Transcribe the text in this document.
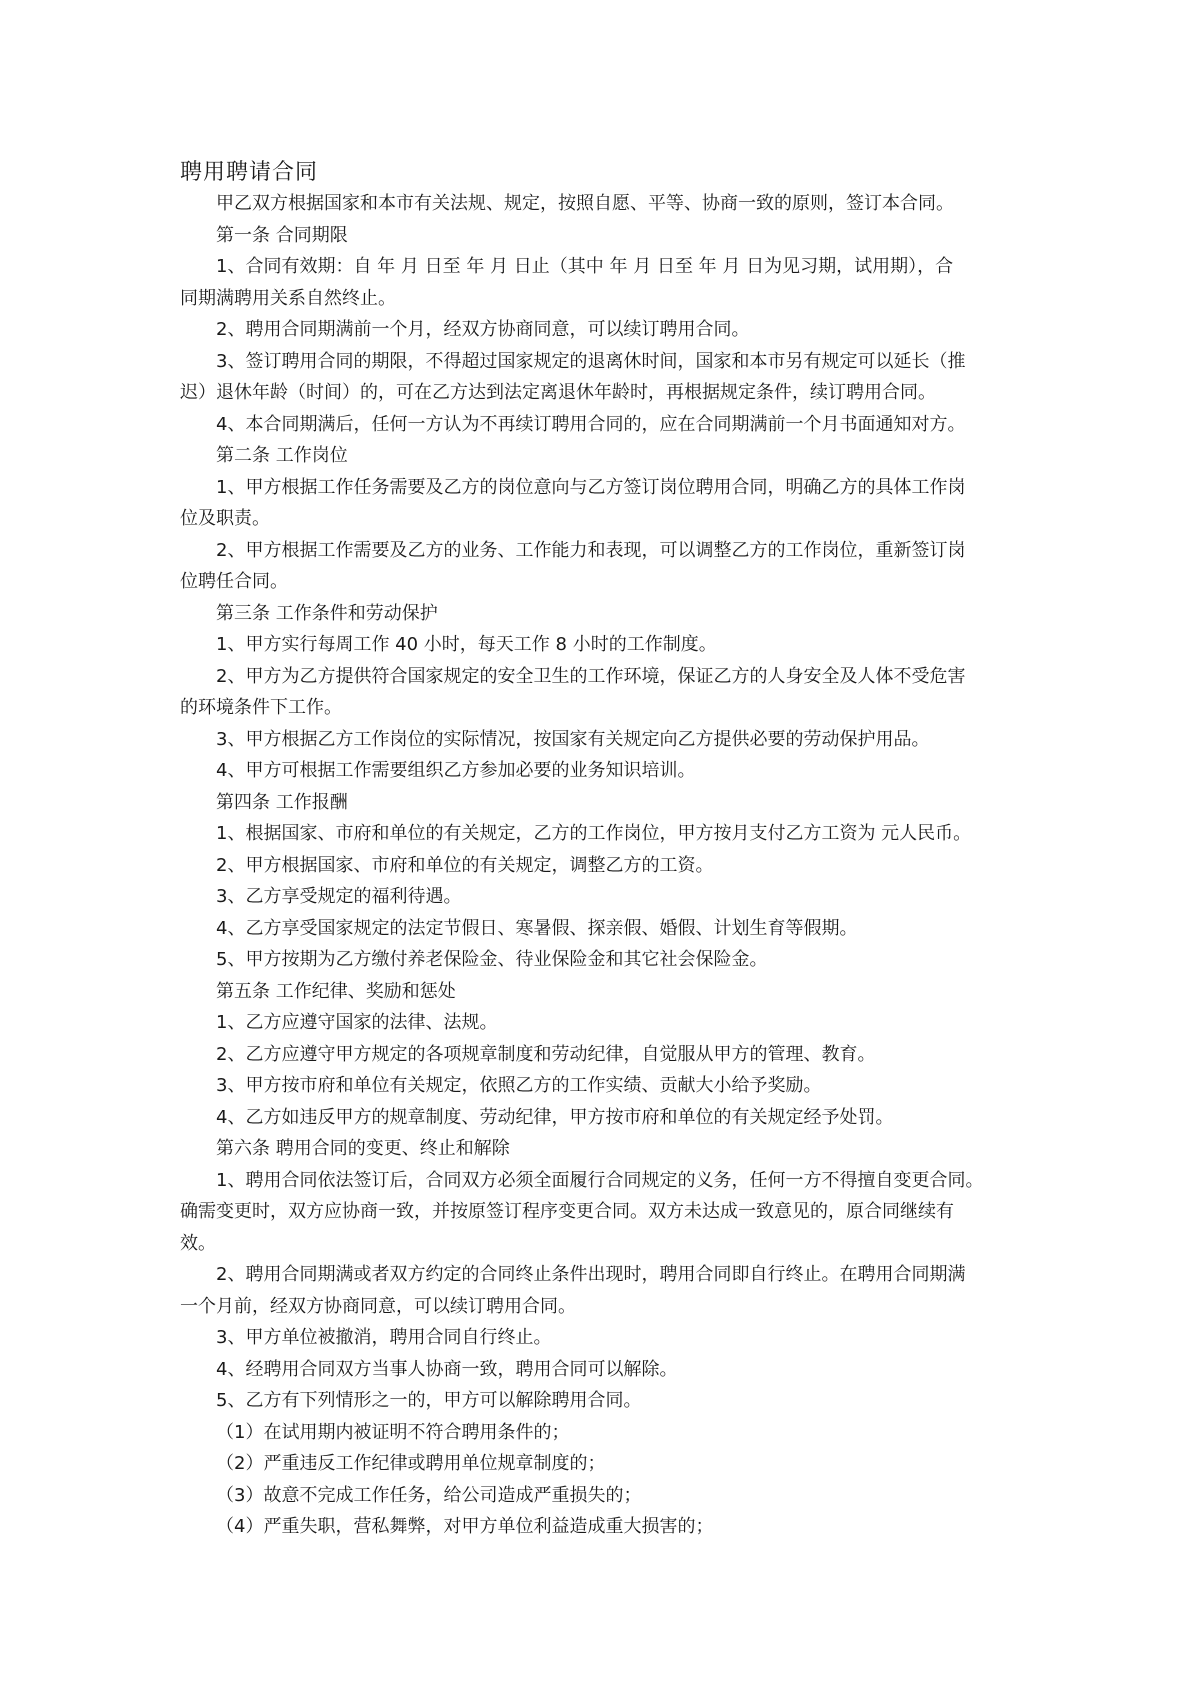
聘用聘请合同

甲乙双方根据国家和本市有关法规、规定，按照自愿、平等、协商一致的原则，签订本合同。

第一条 合同期限

1、合同有效期：自 年 月 日至 年 月 日止（其中 年 月 日至 年 月 日为见习期，试用期），合
同期满聘用关系自然终止。

2、聘用合同期满前一个月，经双方协商同意，可以续订聘用合同。

3、签订聘用合同的期限，不得超过国家规定的退离休时间，国家和本市另有规定可以延长（推
迟）退休年龄（时间）的，可在乙方达到法定离退休年龄时，再根据规定条件，续订聘用合同。

4、本合同期满后，任何一方认为不再续订聘用合同的，应在合同期满前一个月书面通知对方。

第二条 工作岗位

1、甲方根据工作任务需要及乙方的岗位意向与乙方签订岗位聘用合同，明确乙方的具体工作岗
位及职责。

2、甲方根据工作需要及乙方的业务、工作能力和表现，可以调整乙方的工作岗位，重新签订岗
位聘任合同。

第三条 工作条件和劳动保护

1、甲方实行每周工作 40 小时，每天工作 8 小时的工作制度。

2、甲方为乙方提供符合国家规定的安全卫生的工作环境，保证乙方的人身安全及人体不受危害
的环境条件下工作。

3、甲方根据乙方工作岗位的实际情况，按国家有关规定向乙方提供必要的劳动保护用品。

4、甲方可根据工作需要组织乙方参加必要的业务知识培训。

第四条 工作报酬

1、根据国家、市府和单位的有关规定，乙方的工作岗位，甲方按月支付乙方工资为 元人民币。

2、甲方根据国家、市府和单位的有关规定，调整乙方的工资。

3、乙方享受规定的福利待遇。

4、乙方享受国家规定的法定节假日、寒暑假、探亲假、婚假、计划生育等假期。

5、甲方按期为乙方缴付养老保险金、待业保险金和其它社会保险金。

第五条 工作纪律、奖励和惩处

1、乙方应遵守国家的法律、法规。

2、乙方应遵守甲方规定的各项规章制度和劳动纪律，自觉服从甲方的管理、教育。

3、甲方按市府和单位有关规定，依照乙方的工作实绩、贡献大小给予奖励。

4、乙方如违反甲方的规章制度、劳动纪律，甲方按市府和单位的有关规定经予处罚。

第六条 聘用合同的变更、终止和解除

1、聘用合同依法签订后，合同双方必须全面履行合同规定的义务，任何一方不得擅自变更合同。
确需变更时，双方应协商一致，并按原签订程序变更合同。双方未达成一致意见的，原合同继续有
效。

2、聘用合同期满或者双方约定的合同终止条件出现时，聘用合同即自行终止。在聘用合同期满
一个月前，经双方协商同意，可以续订聘用合同。

3、甲方单位被撤消，聘用合同自行终止。

4、经聘用合同双方当事人协商一致，聘用合同可以解除。

5、乙方有下列情形之一的，甲方可以解除聘用合同。

（1）在试用期内被证明不符合聘用条件的；

（2）严重违反工作纪律或聘用单位规章制度的；

（3）故意不完成工作任务，给公司造成严重损失的；

（4）严重失职，营私舞弊，对甲方单位利益造成重大损害的；
